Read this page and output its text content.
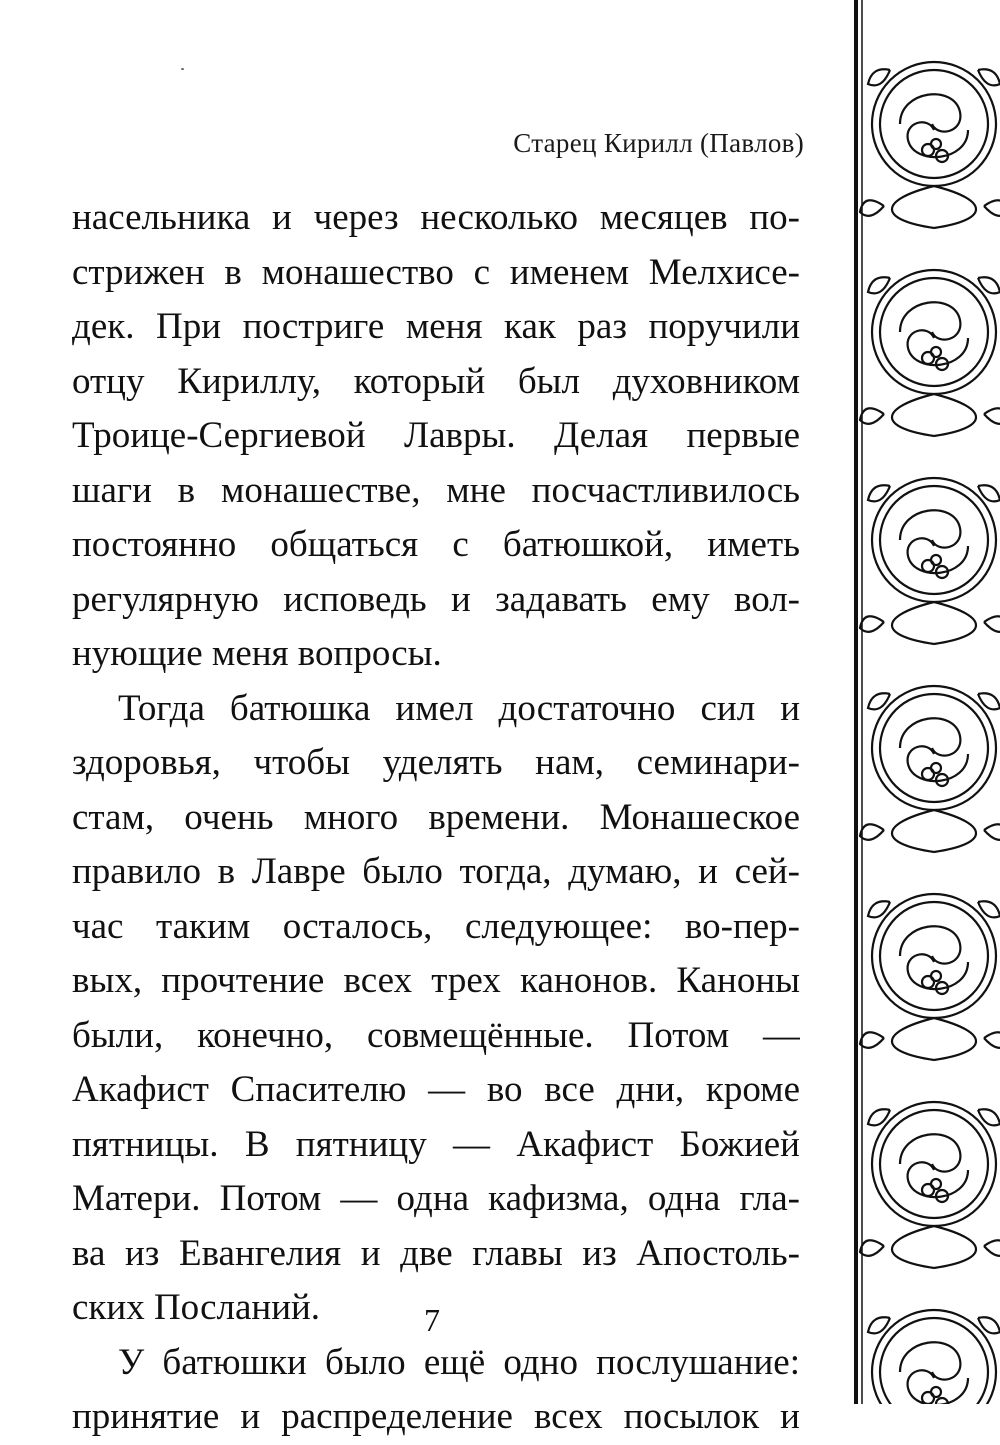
Старец Кирилл (Павлов)
насельника и через несколько месяцев по-
стрижен в монашество с именем Мелхисе-
дек. При постриге меня как раз поручили
отцу Кириллу, который был духовником
Троице-Сергиевой Лавры. Делая первые
шаги в монашестве, мне посчастливилось
постоянно общаться с батюшкой, иметь
регулярную исповедь и задавать ему вол-
нующие меня вопросы.
Тогда батюшка имел достаточно сил и
здоровья, чтобы уделять нам, семинари-
стам, очень много времени. Монашеское
правило в Лавре было тогда, думаю, и сей-
час таким осталось, следующее: во-пер-
вых, прочтение всех трех канонов. Каноны
были, конечно, совмещённые. Потом —
Акафист Спасителю — во все дни, кроме
пятницы. В пятницу — Акафист Божией
Матери. Потом — одна кафизма, одна гла-
ва из Евангелия и две главы из Апостоль-
ских Посланий.
У батюшки было ещё одно послушание:
принятие и распределение всех посылок и
7
